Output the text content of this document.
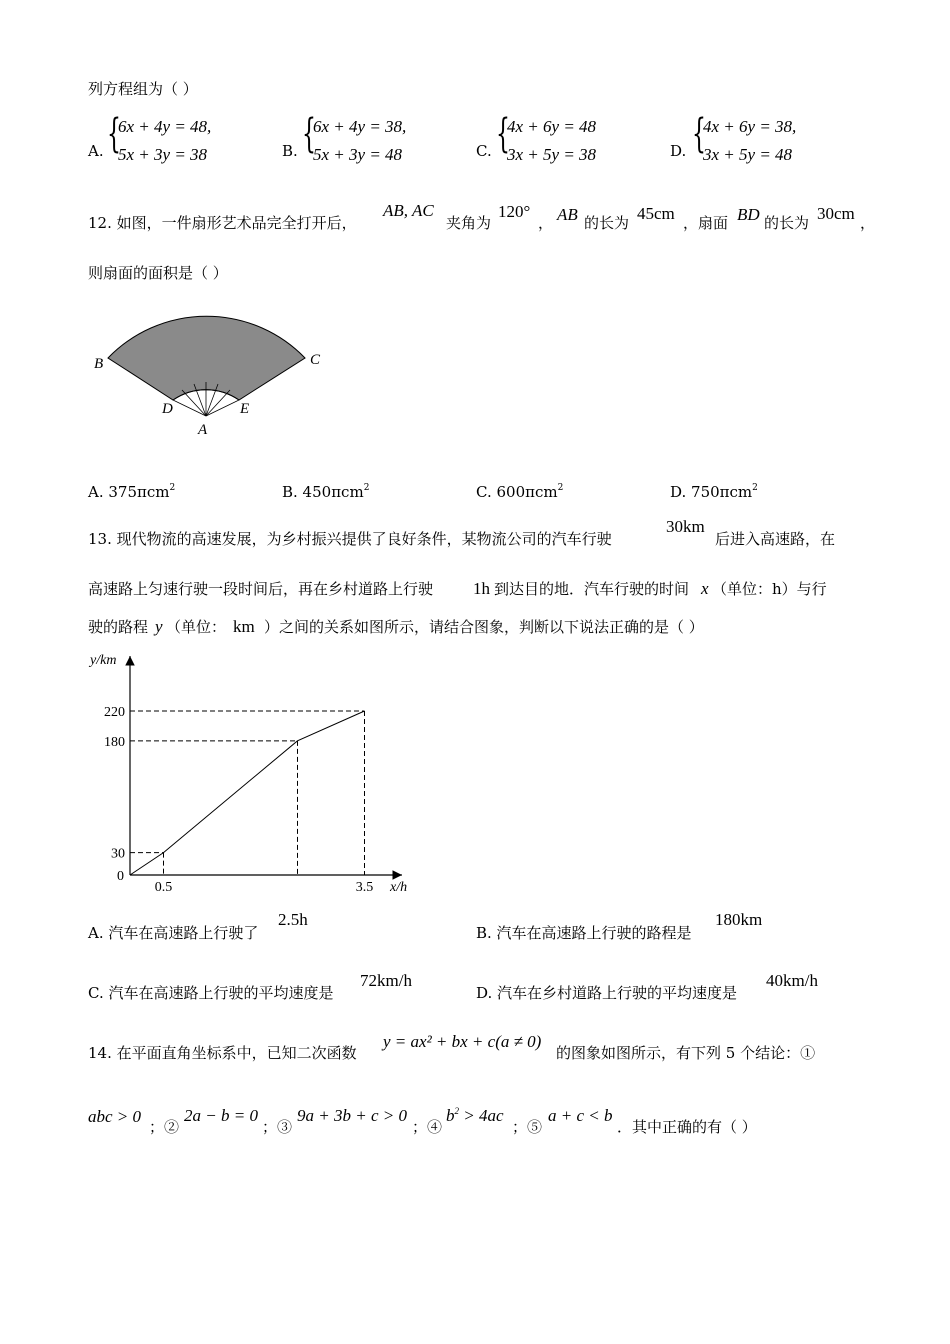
列方程组为（ ）
A. {
6x + 4y = 48,
5x + 3y = 38	B. {
6x + 4y = 38,
5x + 3y = 48	C. {
4x + 6y = 48
3x + 5y = 38	D. {
4x + 6y = 38,
3x + 5y = 48
12. 如图，一件扇形艺术品完全打开后，
AB, AC
夹角为
120°
， AB 的长为 45cm ，扇面 BD 的长为 30cm ，
则扇面的面积是（ ）
B	C
D	E
A
A. 375πcm$^2$	B. 450πcm$^2$	C. 600πcm$^2$	D. 750πcm$^2$
13. 现代物流的高速发展，为乡村振兴提供了良好条件，某物流公司的汽车行驶
30km
后进入高速路，在
高速路上匀速行驶一段时间后，再在乡村道路上行驶 1h 到达目的地．汽车行驶的时间 x （单位：h）与行
驶的路程 y （单位： km ）之间的关系如图所示，请结合图象，判断以下说法正确的是（ ）
30
180
220
0.5	3.5
0
y/km
x/h
A. 汽车在高速路上行驶了
2.5h
B. 汽车在高速路上行驶的路程是
180km
C. 汽车在高速路上行驶的平均速度是
72km/h
D. 汽车在乡村道路上行驶的平均速度是
40km/h
14. 在平面直角坐标系中，已知二次函数
y = ax² + bx + c(a ≠ 0)
的图象如图所示，有下列 5 个结论：①
abc > 0
；②
2a − b = 0
；③
9a + 3b + c > 0
；④
$b^2 > 4ac$
；⑤
a + c < b
．其中正确的有（ ）
